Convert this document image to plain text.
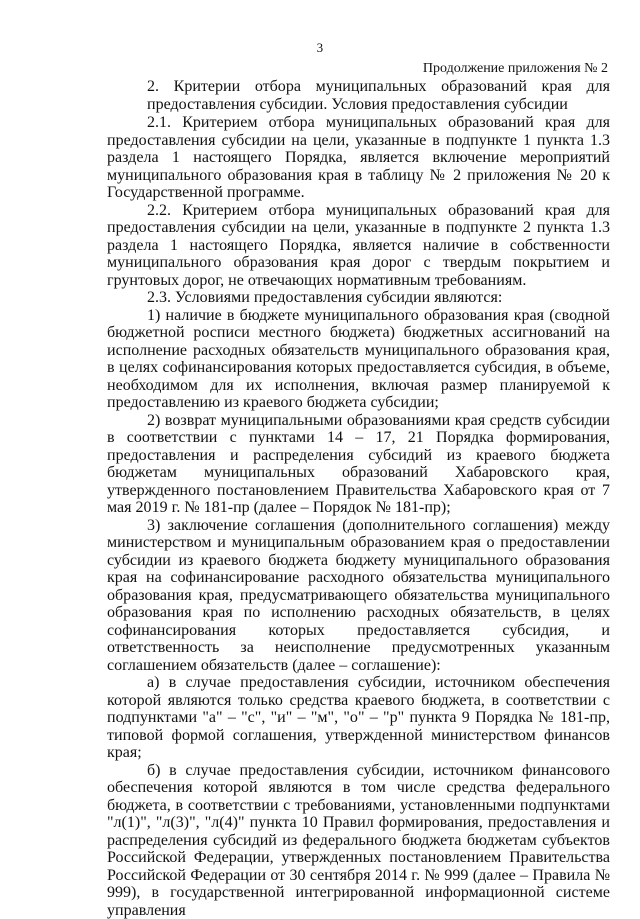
3
Продолжение приложения № 2
2. Критерии отбора муниципальных образований края для предоставления субсидии. Условия предоставления субсидии

2.1. Критерием отбора муниципальных образований края для предоставления субсидии на цели, указанные в подпункте 1 пункта 1.3 раздела 1 настоящего Порядка, является включение мероприятий муниципального образования края в таблицу № 2 приложения № 20 к Государственной программе.

2.2. Критерием отбора муниципальных образований края для предоставления субсидии на цели, указанные в подпункте 2 пункта 1.3 раздела 1 настоящего Порядка, является наличие в собственности муниципального образования края дорог с твердым покрытием и грунтовых дорог, не отвечающих нормативным требованиям.

2.3. Условиями предоставления субсидии являются:

1) наличие в бюджете муниципального образования края (сводной бюджетной росписи местного бюджета) бюджетных ассигнований на исполнение расходных обязательств муниципального образования края, в целях софинансирования которых предоставляется субсидия, в объеме, необходимом для их исполнения, включая размер планируемой к предоставлению из краевого бюджета субсидии;

2) возврат муниципальными образованиями края средств субсидии в соответствии с пунктами 14 – 17, 21 Порядка формирования, предоставления и распределения субсидий из краевого бюджета бюджетам муниципальных образований Хабаровского края, утвержденного постановлением Правительства Хабаровского края от 7 мая 2019 г. № 181-пр (далее – Порядок № 181-пр);

3) заключение соглашения (дополнительного соглашения) между министерством и муниципальным образованием края о предоставлении субсидии из краевого бюджета бюджету муниципального образования края на софинансирование расходного обязательства муниципального образования края, предусматривающего обязательства муниципального образования края по исполнению расходных обязательств, в целях софинансирования которых предоставляется субсидия, и ответственность за неисполнение предусмотренных указанным соглашением обязательств (далее – соглашение):

а) в случае предоставления субсидии, источником обеспечения которой являются только средства краевого бюджета, в соответствии с подпунктами "а" – "с", "и" – "м", "о" – "р" пункта 9 Порядка № 181-пр, типовой формой соглашения, утвержденной министерством финансов края;

б) в случае предоставления субсидии, источником финансового обеспечения которой являются в том числе средства федерального бюджета, в соответствии с требованиями, установленными подпунктами "л(1)", "л(3)", "л(4)" пункта 10 Правил формирования, предоставления и распределения субсидий из федерального бюджета бюджетам субъектов Российской Федерации, утвержденных постановлением Правительства Российской Федерации от 30 сентября 2014 г. № 999 (далее – Правила № 999), в государственной интегрированной информационной системе управления
